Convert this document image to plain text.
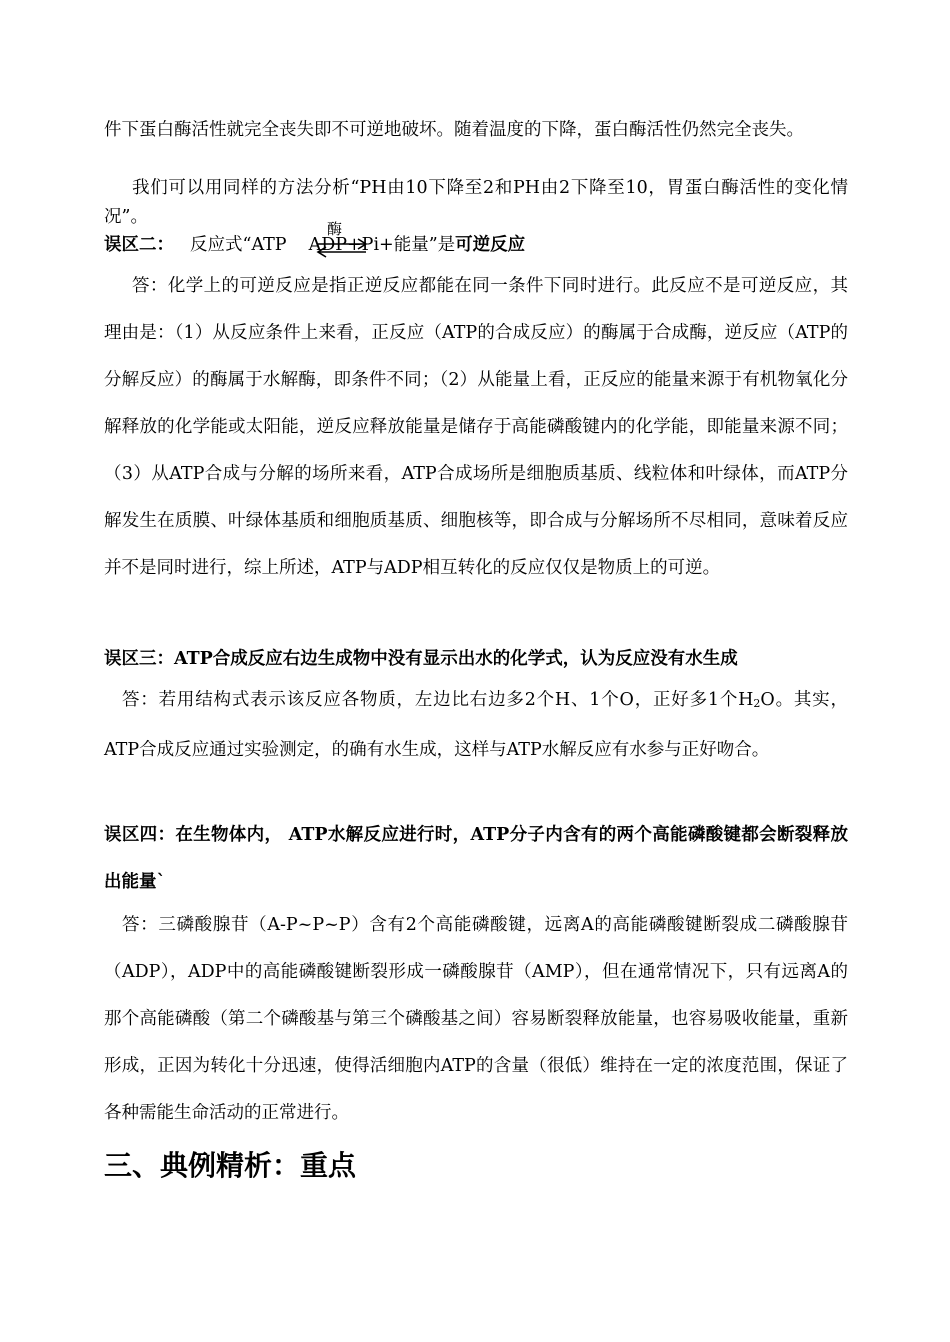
件下蛋白酶活性就完全丧失即不可逆地破坏。随着温度的下降，蛋白酶活性仍然完全丧失。

我们可以用同样的方法分析“PH由10下降至2和PH由2下降至10，胃蛋白酶活性的变化情况”。

误区二： 反应式“ATP ADP+Pi+能量”是可逆反应
酶

答：化学上的可逆反应是指正逆反应都能在同一条件下同时进行。此反应不是可逆反应，其理由是：（1）从反应条件上来看，正反应（ATP的合成反应）的酶属于合成酶，逆反应（ATP的分解反应）的酶属于水解酶，即条件不同；（2）从能量上看，正反应的能量来源于有机物氧化分解释放的化学能或太阳能，逆反应释放能量是储存于高能磷酸键内的化学能，即能量来源不同；（3）从ATP合成与分解的场所来看，ATP合成场所是细胞质基质、线粒体和叶绿体，而ATP分解发生在质膜、叶绿体基质和细胞质基质、细胞核等，即合成与分解场所不尽相同，意味着反应并不是同时进行，综上所述，ATP与ADP相互转化的反应仅仅是物质上的可逆。

误区三：ATP合成反应右边生成物中没有显示出水的化学式，认为反应没有水生成

答：若用结构式表示该反应各物质，左边比右边多2个H、1个O，正好多1个$H_2O$。其实，ATP合成反应通过实验测定，的确有水生成，这样与ATP水解反应有水参与正好吻合。

误区四：在生物体内， ATP水解反应进行时，ATP分子内含有的两个高能磷酸键都会断裂释放出能量`

答：三磷酸腺苷（A-P~P~P）含有2个高能磷酸键，远离A的高能磷酸键断裂成二磷酸腺苷（ADP），ADP中的高能磷酸键断裂形成一磷酸腺苷（AMP），但在通常情况下，只有远离A的那个高能磷酸（第二个磷酸基与第三个磷酸基之间）容易断裂释放能量，也容易吸收能量，重新形成，正因为转化十分迅速，使得活细胞内ATP的含量（很低）维持在一定的浓度范围，保证了各种需能生命活动的正常进行。

三、典例精析：重点
